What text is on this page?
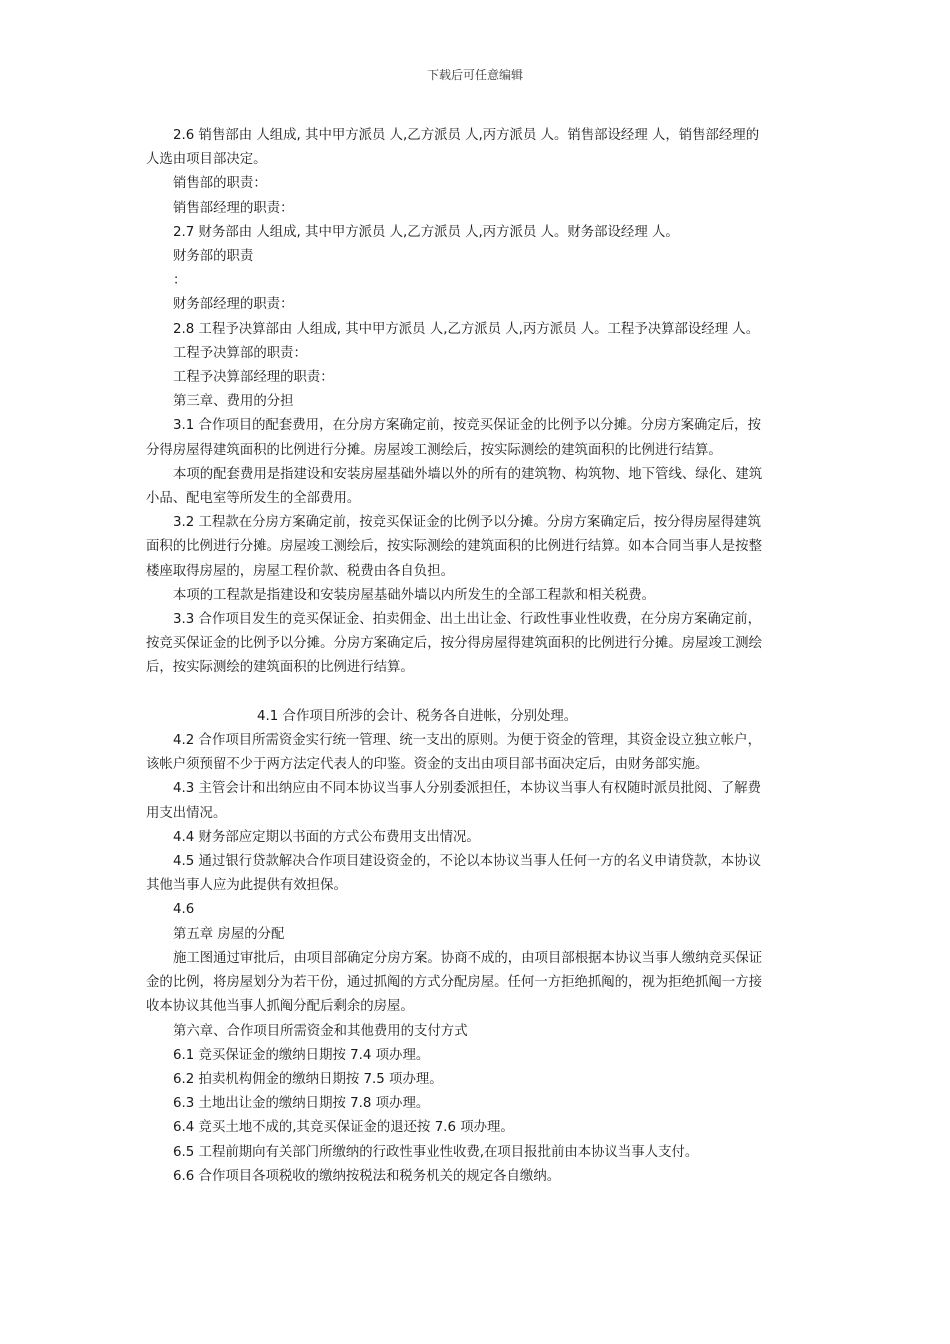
下载后可任意编辑
2.6 销售部由 人组成, 其中甲方派员 人,乙方派员 人,丙方派员 人。销售部设经理 人，销售部经理的
人选由项目部决定。
销售部的职责：
销售部经理的职责：
2.7 财务部由 人组成, 其中甲方派员 人,乙方派员 人,丙方派员 人。财务部设经理 人。
财务部的职责
：
财务部经理的职责：
2.8 工程予决算部由 人组成, 其中甲方派员 人,乙方派员 人,丙方派员 人。工程予决算部设经理 人。
工程予决算部的职责：
工程予决算部经理的职责：
第三章、费用的分担
3.1 合作项目的配套费用，在分房方案确定前，按竞买保证金的比例予以分摊。分房方案确定后，按
分得房屋得建筑面积的比例进行分摊。房屋竣工测绘后，按实际测绘的建筑面积的比例进行结算。
本项的配套费用是指建设和安装房屋基础外墙以外的所有的建筑物、构筑物、地下管线、绿化、建筑
小品、配电室等所发生的全部费用。
3.2 工程款在分房方案确定前，按竞买保证金的比例予以分摊。分房方案确定后，按分得房屋得建筑
面积的比例进行分摊。房屋竣工测绘后，按实际测绘的建筑面积的比例进行结算。如本合同当事人是按整
楼座取得房屋的，房屋工程价款、税费由各自负担。
本项的工程款是指建设和安装房屋基础外墙以内所发生的全部工程款和相关税费。
3.3 合作项目发生的竞买保证金、拍卖佣金、出土出让金、行政性事业性收费，在分房方案确定前，
按竞买保证金的比例予以分摊。分房方案确定后，按分得房屋得建筑面积的比例进行分摊。房屋竣工测绘
后，按实际测绘的建筑面积的比例进行结算。
4.1 合作项目所涉的会计、税务各自进帐，分别处理。
4.2 合作项目所需资金实行统一管理、统一支出的原则。为便于资金的管理，其资金设立独立帐户，
该帐户须预留不少于两方法定代表人的印鉴。资金的支出由项目部书面决定后，由财务部实施。
4.3 主管会计和出纳应由不同本协议当事人分别委派担任，本协议当事人有权随时派员批阅、了解费
用支出情况。
4.4 财务部应定期以书面的方式公布费用支出情况。
4.5 通过银行贷款解决合作项目建设资金的，不论以本协议当事人任何一方的名义申请贷款，本协议
其他当事人应为此提供有效担保。
4.6
第五章 房屋的分配
施工图通过审批后，由项目部确定分房方案。协商不成的，由项目部根据本协议当事人缴纳竞买保证
金的比例，将房屋划分为若干份，通过抓阄的方式分配房屋。任何一方拒绝抓阄的，视为拒绝抓阄一方接
收本协议其他当事人抓阄分配后剩余的房屋。
第六章、合作项目所需资金和其他费用的支付方式
6.1 竞买保证金的缴纳日期按 7.4 项办理。
6.2 拍卖机构佣金的缴纳日期按 7.5 项办理。
6.3 土地出让金的缴纳日期按 7.8 项办理。
6.4 竞买土地不成的,其竞买保证金的退还按 7.6 项办理。
6.5 工程前期向有关部门所缴纳的行政性事业性收费,在项目报批前由本协议当事人支付。
6.6 合作项目各项税收的缴纳按税法和税务机关的规定各自缴纳。
